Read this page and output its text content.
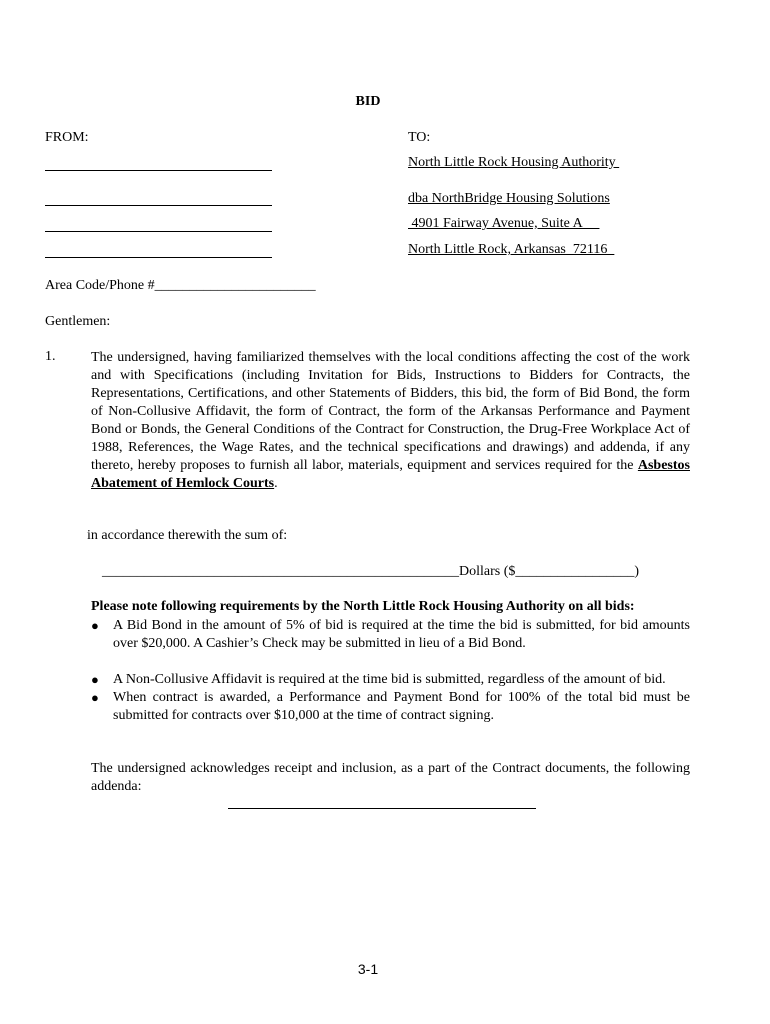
BID
FROM:	TO:
North Little Rock Housing Authority
dba NorthBridge Housing Solutions
4901 Fairway Avenue, Suite A
North Little Rock, Arkansas  72116
Area Code/Phone #_______________________
Gentlemen:
1.	The undersigned, having familiarized themselves with the local conditions affecting the cost of the work and with Specifications (including Invitation for Bids, Instructions to Bidders for Contracts, the Representations, Certifications, and other Statements of Bidders, this bid, the form of Bid Bond, the form of Non-Collusive Affidavit, the form of Contract, the form of the Arkansas Performance and Payment Bond or Bonds, the General Conditions of the Contract for Construction, the Drug-Free Workplace Act of 1988, References, the Wage Rates, and the technical specifications and drawings) and addenda, if any thereto, hereby proposes to furnish all labor, materials, equipment and services required for the Asbestos Abatement of Hemlock Courts.
in accordance therewith the sum of:
___________________________________________________Dollars ($_________________)
Please note following requirements by the North Little Rock Housing Authority on all bids:
● A Bid Bond in the amount of 5% of bid is required at the time the bid is submitted, for bid amounts over $20,000. A Cashier’s Check may be submitted in lieu of a Bid Bond.
● A Non-Collusive Affidavit is required at the time bid is submitted, regardless of the amount of bid.
● When contract is awarded, a Performance and Payment Bond for 100% of the total bid must be submitted for contracts over $10,000 at the time of contract signing.
The undersigned acknowledges receipt and inclusion, as a part of the Contract documents, the following addenda:
3-1
